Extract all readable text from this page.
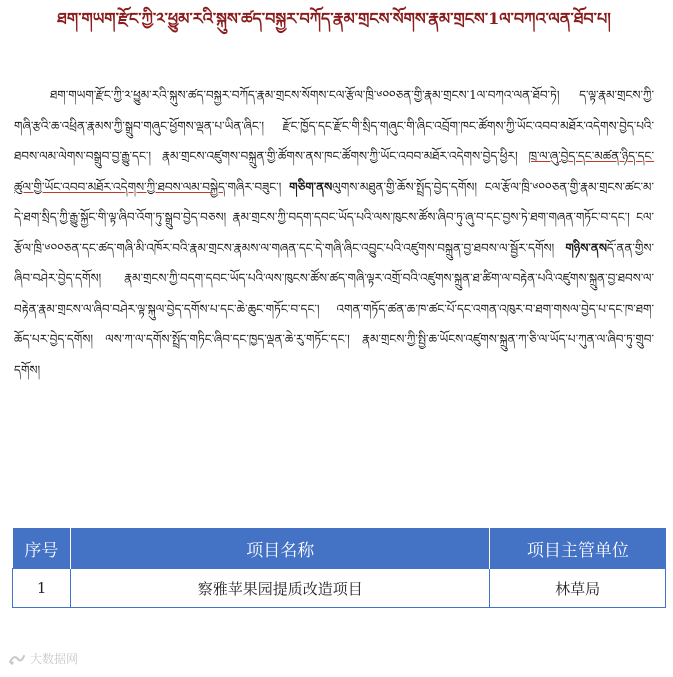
ཐག་གཡག་རྫོང་ཀྱི་༢་ཕྱུམ་རའི་སྐུས་ཚད་བསྐྱར་བཀོད་རྣམ་གྲངས་སོགས་རྣམ་གྲངས་1ལ་བཀའ་ལན་ཐོབ་པ།

ཐག་གཡག་རྫོང་ཀྱི་༢་ཕྱུམ་རའི་སྐུས་ཚད་བསྐྱར་བཀོད་རྣམ་གྲངས་སོགས་ངལ་རྩོལ་ཁྲི་༦༠༠ཅན་གྱི་རྣམ་གྲངས་1ལ་བཀའ་ལན་ཐོབ་ཏེ། ད་ལྟ་རྣམ་གྲངས་ཀྱི་གཞི་རྩའི་ཆ་འཕྲིན་རྣམས་ཀྱི་སྒྲུབ་གཞུང་ཕྱོགས་ལྡན་པ་ཡིན་ཞིང་། རྫོང་ཁྱོད་དང་རྫོང་གི་སྲིད་གཞུང་གི་ཞིང་འབྲོག་ཁང་ཚོགས་ཀྱི་ཡོང་འབབ་མཐོར་འདེགས་བྱེད་པའི་ཐབས་ལམ་ལེགས་བསྒྲུབ་བྱ་རྒྱུ་དང་། རྣམ་གྲངས་འཛུགས་བསྐྲུན་གྱི་ཚོགས་ནས་ཁང་ཚོགས་ཀྱི་ཡོང་འབབ་མཐོར་འདེགས་བྱེད་ཕྱིར། ཁྲ་ལ་ཞུ་བྱེད་དང་མཚན་ཉིད་དང་ཚུལ་གྱི་ཡོང་འབབ་མཐོར་འདེགས་ཀྱི་ཐབས་ལམ་བསྐྱེད་གཞིར་བཟུང་། གཅིག་ནསལུགས་མཐུན་གྱི་ཆོས་སྤྲོད་བྱེད་དགོས། ངལ་རྩོལ་ཁྲི་༦༠༠ཅན་གྱི་རྣམ་གྲངས་ཚང་མ་དེ་ཐག་སྲིད་ཀྱི་རྒྱུ་སྐྱོང་གི་ལྟ་ཞིབ་འོག་ཏུ་སྒྲུབ་བྱེད་བཅས། རྣམ་གྲངས་ཀྱི་བདག་དབང་ཡོད་པའི་ལས་ཁུངས་ཚོས་ཞིབ་ཏུ་ཞུ་བ་དང་བྱས་ཏེ་ཐག་གཞན་གཏོང་བ་དང་། ངལ་རྩོལ་ཁྲི་༦༠༠ཅན་དང་ཚད་གཞི་མི་འཁོར་བའི་རྣམ་གྲངས་རྣམས་ལ་གཞན་དང་དེ་གཞི་ཞིང་འབྱུང་པའི་འཛུགས་བསྐྲུན་བྱ་ཐབས་ལ་སྦྱོར་དགོས། གཉིས་ནསདོ་ནན་གྱིས་ཞིབ་བཤེར་བྱེད་དགོས། རྣམ་གྲངས་ཀྱི་བདག་དབང་ཡོད་པའི་ལས་ཁུངས་ཚོས་ཚད་གཞི་ལྟར་འགྲོ་བའི་འཛུགས་སྐྲུན་ཐ་ཚིག་ལ་བརྟེན་པའི་འཛུགས་སྐྲུན་བྱ་ཐབས་ལ་བརྟེན་རྣམ་གྲངས་ལ་ཞིབ་བཤེར་ལྟ་སྐུལ་བྱེད་དགོས་པ་དང་ཆེ་ཆུང་གཏོང་བ་དང་། འགན་གཏོད་ཚན་ཆ་ཁ་ཚང་པོ་དང་འགན་འཁུར་བ་ཐག་གསལ་བྱེད་པ་དང་ཁ་ཐག་ཆོད་པར་བྱེད་དགོས། ལས་ཀ་ལ་དགོས་སྤྲོད་གཏིང་ཞིབ་དང་ཁྱད་ལྡན་ཆེ་རུ་གཏོང་དང་། རྣམ་གྲངས་ཀྱི་སྤྱི་ཆ་ཡོངས་འཛུགས་སྐྲུན་ཀ་ཅི་ལ་ཡོད་པ་ཀུན་ལ་ཞིབ་ཏུ་གྲུབ་དགོས།

序号	项目名称	项目主管单位
1	察雅苹果园提质改造项目	林草局
大数据网
